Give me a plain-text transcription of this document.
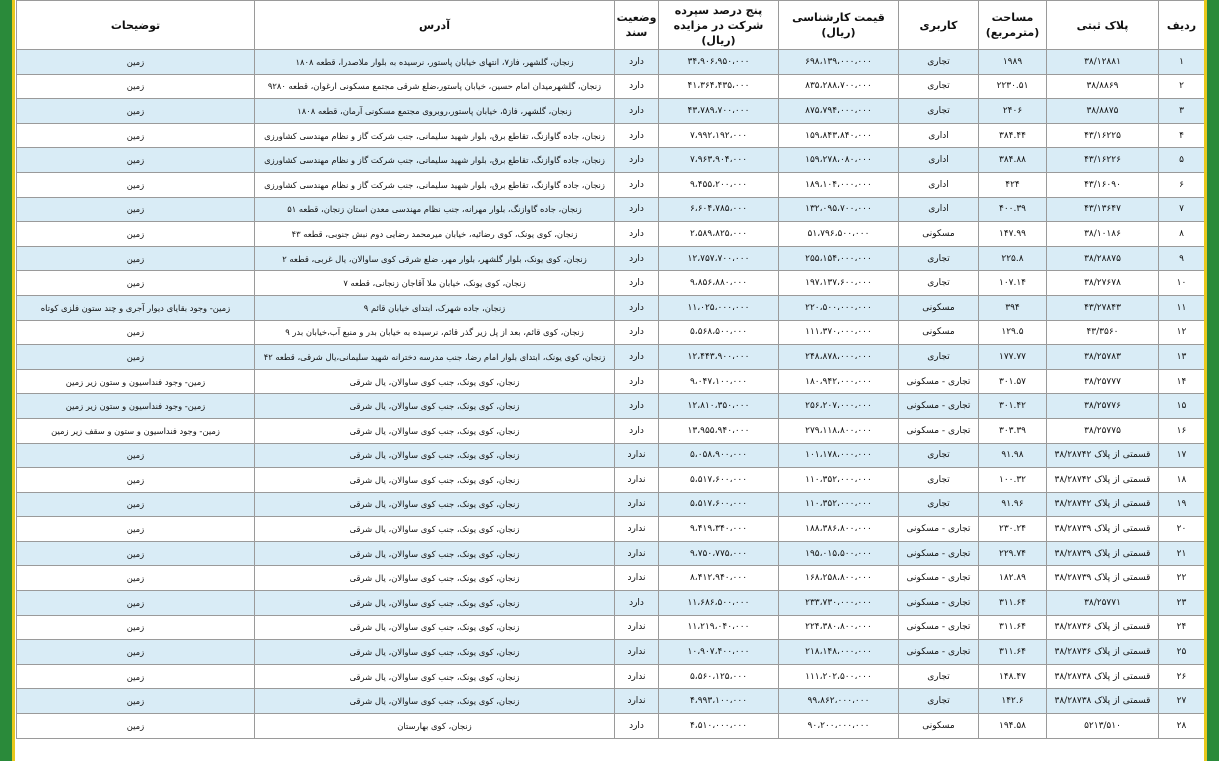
ردیف	پلاک ثبتی	مساحت (مترمربع)	کاربری	قیمت کارشناسی (ریال)	پنج درصد سپرده شرکت در مزایده (ریال)	وضعیت سند	آدرس	توضیحات
۱	۳۸/۱۲۸۸۱	۱۹۸۹	تجاری	۶۹۸،۱۳۹،۰۰۰،۰۰۰	۳۴،۹۰۶،۹۵۰،۰۰۰	دارد	زنجان، گلشهر، فاز۷، انتهای خیابان پاستور، نرسیده به بلوار ملاصدرا، قطعه ۱۸۰۸	زمین
۲	۳۸/۸۸۶۹	۲۲۳۰.۵۱	تجاری	۸۳۵،۲۸۸،۷۰۰،۰۰۰	۴۱،۳۶۴،۴۳۵،۰۰۰	دارد	زنجان، گلشهرمیدان امام حسین، خیابان پاستور،ضلع شرقی مجتمع مسکونی ارغوان، قطعه ۹۲۸۰	زمین
۳	۳۸/۸۸۷۵	۲۴۰۶	تجاری	۸۷۵،۷۹۴،۰۰۰،۰۰۰	۴۳،۷۸۹،۷۰۰،۰۰۰	دارد	زنجان، گلشهر، فاز۵، خیابان پاستور،روبروی مجتمع مسکونی آرمان، قطعه ۱۸۰۸	زمین
۴	۴۳/۱۶۲۲۵	۳۸۴.۴۴	اداری	۱۵۹،۸۴۳،۸۴۰،۰۰۰	۷،۹۹۲،۱۹۲،۰۰۰	دارد	زنجان، جاده گاوازنگ، تقاطع برق، بلوار شهید سلیمانی، جنب شرکت گاز و نظام مهندسی کشاورزی	زمین
۵	۴۳/۱۶۲۲۶	۳۸۴.۸۸	اداری	۱۵۹،۲۷۸،۰۸۰،۰۰۰	۷،۹۶۳،۹۰۴،۰۰۰	دارد	زنجان، جاده گاوازنگ، تقاطع برق، بلوار شهید سلیمانی، جنب شرکت گاز و نظام مهندسی کشاورزی	زمین
۶	۴۳/۱۶۰۹۰	۴۲۴	اداری	۱۸۹،۱۰۴،۰۰۰،۰۰۰	۹،۴۵۵،۲۰۰،۰۰۰	دارد	زنجان، جاده گاوازنگ، تقاطع برق، بلوار شهید سلیمانی، جنب شرکت گاز و نظام مهندسی کشاورزی	زمین
۷	۴۳/۱۳۶۴۷	۴۰۰.۳۹	اداری	۱۳۲،۰۹۵،۷۰۰،۰۰۰	۶،۶۰۴،۷۸۵،۰۰۰	دارد	زنجان، جاده گاوازنگ، بلوار مهرانه، جنب نظام مهندسی معدن استان زنجان، قطعه ۵۱	زمین
۸	۳۸/۱۰۱۸۶	۱۴۷.۹۹	مسکونی	۵۱،۷۹۶،۵۰۰،۰۰۰	۲،۵۸۹،۸۲۵،۰۰۰	دارد	زنجان، کوی یونک، کوی رضائیه، خیابان میرمحمد رضایی دوم نبش جنوبی، قطعه ۴۳	زمین
۹	۳۸/۲۸۸۷۵	۲۲۵.۸	تجاری	۲۵۵،۱۵۴،۰۰۰،۰۰۰	۱۲،۷۵۷،۷۰۰،۰۰۰	دارد	زنجان، کوی یونک، بلوار گلشهر، بلوار مهر، ضلع شرقی کوی ساوالان، یال غربی، قطعه ۲	زمین
۱۰	۳۸/۲۷۶۷۸	۱۰۷.۱۴	تجاری	۱۹۷،۱۳۷،۶۰۰،۰۰۰	۹،۸۵۶،۸۸۰،۰۰۰	دارد	زنجان، کوی یونک، خیابان ملا آقاجان زنجانی، قطعه ۷	زمین
۱۱	۴۳/۲۷۸۴۳	۳۹۴	مسکونی	۲۲۰،۵۰۰،۰۰۰،۰۰۰	۱۱،۰۲۵،۰۰۰،۰۰۰	دارد	زنجان، جاده شهرک، ابتدای خیابان قائم ۹	زمین- وجود بقایای دیوار آجری و چند ستون فلزی کوتاه
۱۲	۴۳/۳۵۶۰	۱۲۹.۵	مسکونی	۱۱۱،۳۷۰،۰۰۰،۰۰۰	۵،۵۶۸،۵۰۰،۰۰۰	دارد	زنجان، کوی قائم، بعد از پل زیر گذر قائم، نرسیده به خیابان بدر و منبع آب،خیابان بدر ۹	زمین
۱۳	۳۸/۲۵۷۸۳	۱۷۷.۷۷	تجاری	۲۴۸،۸۷۸،۰۰۰،۰۰۰	۱۲،۴۴۳،۹۰۰،۰۰۰	دارد	زنجان، کوی یونک، ابتدای بلوار امام رضا، جنب مدرسه دخترانه شهید سلیمانی،یال شرقی، قطعه ۴۲	زمین
۱۴	۳۸/۲۵۷۷۷	۳۰۱.۵۷	تجاری - مسکونی	۱۸۰،۹۴۲،۰۰۰،۰۰۰	۹،۰۴۷،۱۰۰،۰۰۰	دارد	زنجان، کوی یونک، جنب کوی ساوالان، یال شرقی	زمین- وجود فنداسیون و ستون زیر زمین
۱۵	۳۸/۲۵۷۷۶	۳۰۱.۴۲	تجاری - مسکونی	۲۵۶،۲۰۷،۰۰۰،۰۰۰	۱۲،۸۱۰،۳۵۰،۰۰۰	دارد	زنجان، کوی یونک، جنب کوی ساوالان، یال شرقی	زمین- وجود فنداسیون و ستون زیر زمین
۱۶	۳۸/۲۵۷۷۵	۳۰۳.۳۹	تجاری - مسکونی	۲۷۹،۱۱۸،۸۰۰،۰۰۰	۱۳،۹۵۵،۹۴۰،۰۰۰	دارد	زنجان، کوی یونک، جنب کوی ساوالان، یال شرقی	زمین- وجود فنداسیون و ستون و سقف زیر زمین
۱۷	قسمتی از پلاک ۳۸/۲۸۷۴۲	۹۱.۹۸	تجاری	۱۰۱،۱۷۸،۰۰۰،۰۰۰	۵،۰۵۸،۹۰۰،۰۰۰	ندارد	زنجان، کوی یونک، جنب کوی ساوالان، یال شرقی	زمین
۱۸	قسمتی از پلاک ۳۸/۲۸۷۴۲	۱۰۰.۳۲	تجاری	۱۱۰،۳۵۲،۰۰۰،۰۰۰	۵،۵۱۷،۶۰۰،۰۰۰	ندارد	زنجان، کوی یونک، جنب کوی ساوالان، یال شرقی	زمین
۱۹	قسمتی از پلاک ۳۸/۲۸۷۴۲	۹۱.۹۶	تجاری	۱۱۰،۳۵۲،۰۰۰،۰۰۰	۵،۵۱۷،۶۰۰،۰۰۰	ندارد	زنجان، کوی یونک، جنب کوی ساوالان، یال شرقی	زمین
۲۰	قسمتی از پلاک ۳۸/۲۸۷۳۹	۲۳۰.۲۴	تجاری - مسکونی	۱۸۸،۳۸۶،۸۰۰،۰۰۰	۹،۴۱۹،۳۴۰،۰۰۰	ندارد	زنجان، کوی یونک، جنب کوی ساوالان، یال شرقی	زمین
۲۱	قسمتی از پلاک ۳۸/۲۸۷۳۹	۲۲۹.۷۴	تجاری - مسکونی	۱۹۵،۰۱۵،۵۰۰،۰۰۰	۹،۷۵۰،۷۷۵،۰۰۰	ندارد	زنجان، کوی یونک، جنب کوی ساوالان، یال شرقی	زمین
۲۲	قسمتی از پلاک ۳۸/۲۸۷۳۹	۱۸۲.۸۹	تجاری - مسکونی	۱۶۸،۲۵۸،۸۰۰،۰۰۰	۸،۴۱۲،۹۴۰،۰۰۰	ندارد	زنجان، کوی یونک، جنب کوی ساوالان، یال شرقی	زمین
۲۳	۳۸/۲۵۷۷۱	۳۱۱.۶۴	تجاری - مسکونی	۲۳۳،۷۳۰،۰۰۰،۰۰۰	۱۱،۶۸۶،۵۰۰،۰۰۰	دارد	زنجان، کوی یونک، جنب کوی ساوالان، یال شرقی	زمین
۲۴	قسمتی از پلاک ۳۸/۲۸۷۳۶	۳۱۱.۶۴	تجاری - مسکونی	۲۲۴،۳۸۰،۸۰۰،۰۰۰	۱۱،۲۱۹،۰۴۰،۰۰۰	ندارد	زنجان، کوی یونک، جنب کوی ساوالان، یال شرقی	زمین
۲۵	قسمتی از پلاک ۳۸/۲۸۷۳۶	۳۱۱.۶۴	تجاری - مسکونی	۲۱۸،۱۴۸،۰۰۰،۰۰۰	۱۰،۹۰۷،۴۰۰،۰۰۰	ندارد	زنجان، کوی یونک، جنب کوی ساوالان، یال شرقی	زمین
۲۶	قسمتی از پلاک ۳۸/۲۸۷۳۸	۱۴۸.۴۷	تجاری	۱۱۱،۲۰۲،۵۰۰،۰۰۰	۵،۵۶۰،۱۲۵،۰۰۰	ندارد	زنجان، کوی یونک، جنب کوی ساوالان، یال شرقی	زمین
۲۷	قسمتی از پلاک ۳۸/۲۸۷۳۸	۱۴۲.۶	تجاری	۹۹،۸۶۲،۰۰۰،۰۰۰	۴،۹۹۳،۱۰۰،۰۰۰	ندارد	زنجان، کوی یونک، جنب کوی ساوالان، یال شرقی	زمین
۲۸	۵۲۱۳/۵۱۰	۱۹۴.۵۸	مسکونی	۹۰،۲۰۰،۰۰۰،۰۰۰	۴،۵۱۰،۰۰۰،۰۰۰	دارد	زنجان، کوی بهارستان	زمین
